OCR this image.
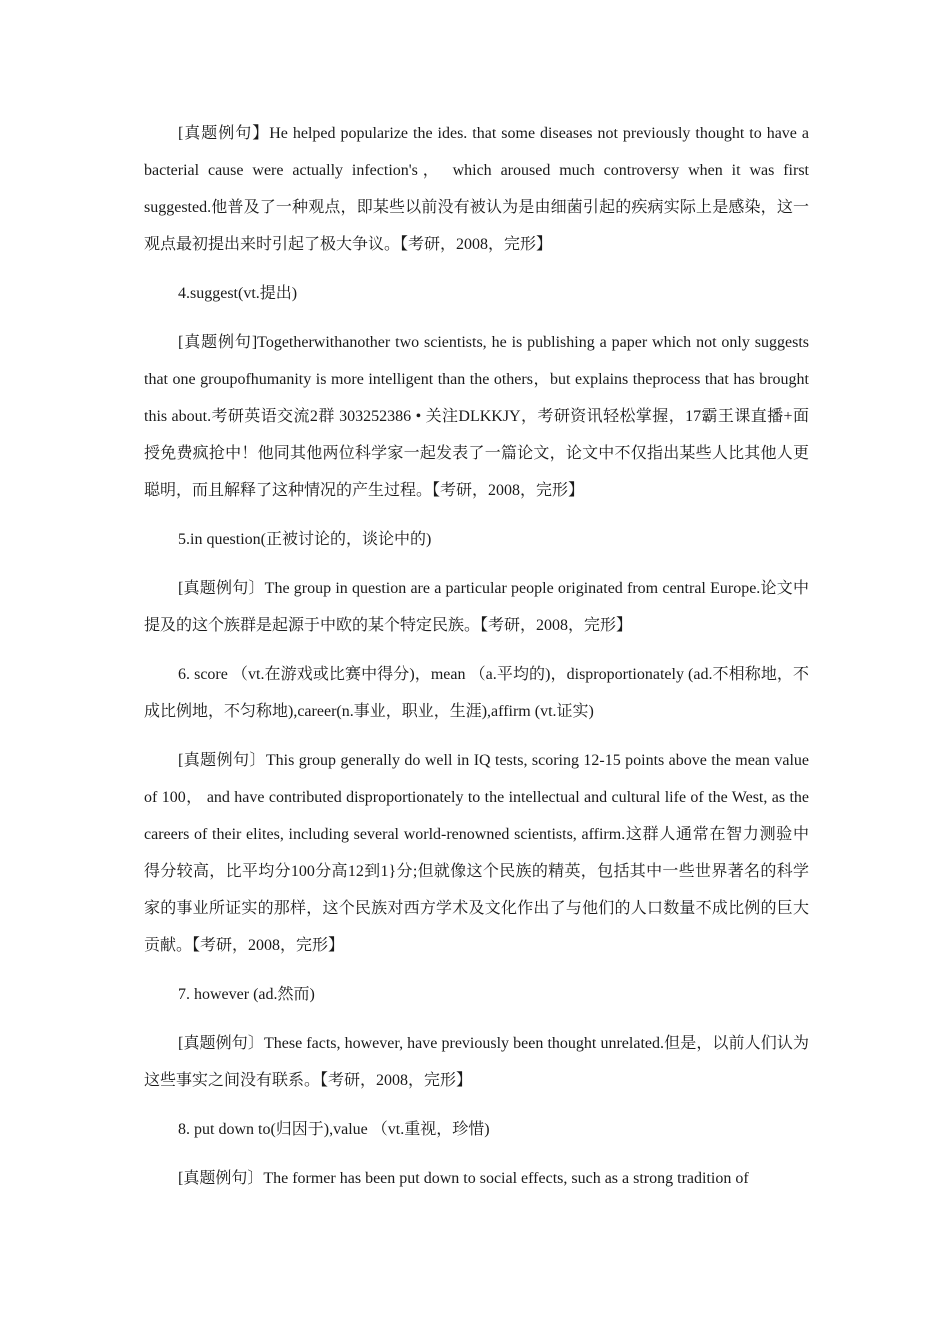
[真题例句】He helped popularize the ides. that some diseases not previously thought to have a bacterial cause were actually infection's， which aroused much controversy when it was first suggested.他普及了一种观点，即某些以前没有被认为是由细菌引起的疾病实际上是感染，这一观点最初提出来时引起了极大争议。【考研，2008，完形】

4.suggest(vt.提出)

[真题例句]Togetherwithanother two scientists, he is publishing a paper which not only suggests that one groupofhumanity is more intelligent than the others，but explains theprocess that has brought this about.考研英语交流2群 303252386 • 关注DLKKJY，考研资讯轻松掌握，17霸王课直播+面授免费疯抢中！他同其他两位科学家一起发表了一篇论文，论文中不仅指出某些人比其他人更聪明，而且解释了这种情况的产生过程。【考研，2008，完形】

5.in question(正被讨论的，谈论中的)

[真题例句〕The group in question are a particular people originated from central Europe.论文中提及的这个族群是起源于中欧的某个特定民族。【考研，2008，完形】

6. score （vt.在游戏或比赛中得分)，mean （a.平均的)，disproportionately (ad.不相称地，不成比例地，不匀称地),career(n.事业，职业，生涯),affirm (vt.证实)

[真题例句〕This group generally do well in IQ tests, scoring 12-15 points above the mean value of 100， and have contributed disproportionately to the intellectual and cultural life of the West, as the careers of their elites, including several world-renowned scientists, affirm.这群人通常在智力测验中得分较高，比平均分100分高12到1}分;但就像这个民族的精英，包括其中一些世界著名的科学家的事业所证实的那样，这个民族对西方学术及文化作出了与他们的人口数量不成比例的巨大贡献。【考研，2008，完形】

7. however (ad.然而)

[真题例句〕These facts, however, have previously been thought unrelated.但是，以前人们认为这些事实之间没有联系。【考研，2008，完形】

8. put down to(归因于),value （vt.重视，珍惜)

[真题例句〕The former has been put down to social effects, such as a strong tradition of
